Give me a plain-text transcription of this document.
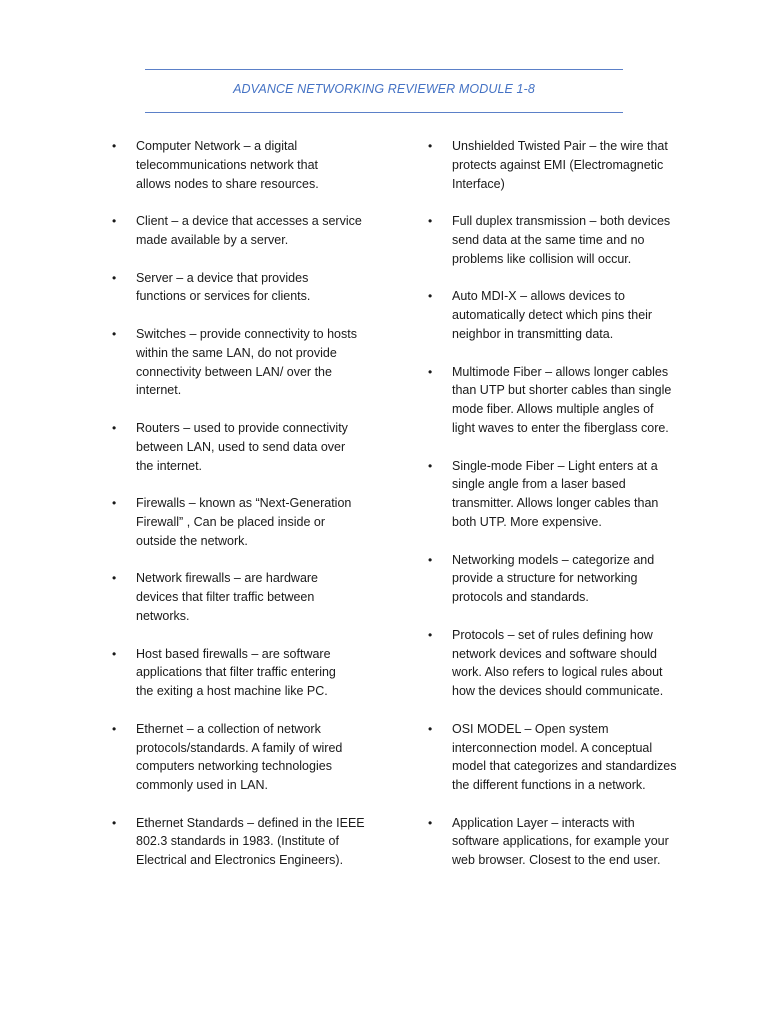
ADVANCE NETWORKING REVIEWER MODULE 1-8
• Computer Network – a digital
telecommunications network that
allows nodes to share resources.
• Client – a device that accesses a service
made available by a server.
• Server – a device that provides
functions or services for clients.
• Switches – provide connectivity to hosts
within the same LAN, do not provide
connectivity between LAN/ over the
internet.
• Routers – used to provide connectivity
between LAN, used to send data over
the internet.
• Firewalls – known as “Next-Generation
Firewall” , Can be placed inside or
outside the network.
• Network firewalls – are hardware
devices that filter traffic between
networks.
• Host based firewalls – are software
applications that filter traffic entering
the exiting a host machine like PC.
• Ethernet – a collection of network
protocols/standards. A family of wired
computers networking technologies
commonly used in LAN.
• Ethernet Standards – defined in the IEEE
802.3 standards in 1983. (Institute of
Electrical and Electronics Engineers).
• Unshielded Twisted Pair – the wire that
protects against EMI (Electromagnetic
Interface)
• Full duplex transmission – both devices
send data at the same time and no
problems like collision will occur.
• Auto MDI-X – allows devices to
automatically detect which pins their
neighbor in transmitting data.
• Multimode Fiber – allows longer cables
than UTP but shorter cables than single
mode fiber. Allows multiple angles of
light waves to enter the fiberglass core.
• Single-mode Fiber – Light enters at a
single angle from a laser based
transmitter. Allows longer cables than
both UTP. More expensive.
• Networking models – categorize and
provide a structure for networking
protocols and standards.
• Protocols – set of rules defining how
network devices and software should
work. Also refers to logical rules about
how the devices should communicate.
• OSI MODEL – Open system
interconnection model. A conceptual
model that categorizes and standardizes
the different functions in a network.
• Application Layer – interacts with
software applications, for example your
web browser. Closest to the end user.
